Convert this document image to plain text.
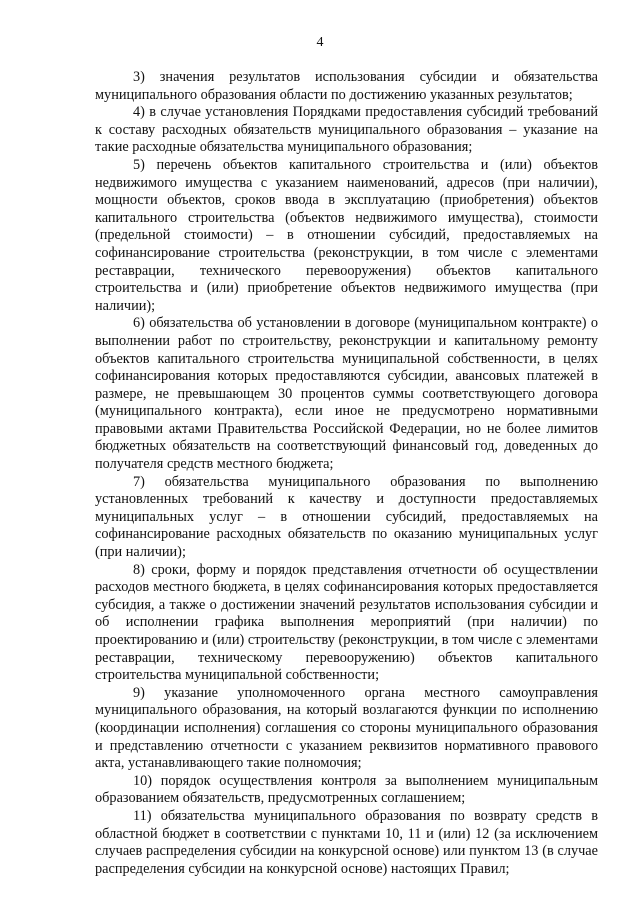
4

3) значения результатов использования субсидии и обязательства муниципального образования области по достижению указанных результатов;

4) в случае установления Порядками предоставления субсидий требований к составу расходных обязательств муниципального образования – указание на такие расходные обязательства муниципального образования;

5) перечень объектов капитального строительства и (или) объектов недвижимого имущества с указанием наименований, адресов (при наличии), мощности объектов, сроков ввода в эксплуатацию (приобретения) объектов капитального строительства (объектов недвижимого имущества), стоимости (предельной стоимости) – в отношении субсидий, предоставляемых на софинансирование строительства (реконструкции, в том числе с элементами реставрации, технического перевооружения) объектов капитального строительства и (или) приобретение объектов недвижимого имущества (при наличии);

6) обязательства об установлении в договоре (муниципальном контракте) о выполнении работ по строительству, реконструкции и капитальному ремонту объектов капитального строительства муниципальной собственности, в целях софинансирования которых предоставляются субсидии, авансовых платежей в размере, не превышающем 30 процентов суммы соответствующего договора (муниципального контракта), если иное не предусмотрено нормативными правовыми актами Правительства Российской Федерации, но не более лимитов бюджетных обязательств на соответствующий финансовый год, доведенных до получателя средств местного бюджета;

7) обязательства муниципального образования по выполнению установленных требований к качеству и доступности предоставляемых муниципальных услуг – в отношении субсидий, предоставляемых на софинансирование расходных обязательств по оказанию муниципальных услуг (при наличии);

8) сроки, форму и порядок представления отчетности об осуществлении расходов местного бюджета, в целях софинансирования которых предоставляется субсидия, а также о достижении значений результатов использования субсидии и об исполнении графика выполнения мероприятий (при наличии) по проектированию и (или) строительству (реконструкции, в том числе с элементами реставрации, техническому перевооружению) объектов капитального строительства муниципальной собственности;

9) указание уполномоченного органа местного самоуправления муниципального образования, на который возлагаются функции по исполнению (координации исполнения) соглашения со стороны муниципального образования и представлению отчетности с указанием реквизитов нормативного правового акта, устанавливающего такие полномочия;

10) порядок осуществления контроля за выполнением муниципальным образованием обязательств, предусмотренных соглашением;

11) обязательства муниципального образования по возврату средств в областной бюджет в соответствии с пунктами 10, 11 и (или) 12 (за исключением случаев распределения субсидии на конкурсной основе) или пунктом 13 (в случае распределения субсидии на конкурсной основе) настоящих Правил;
